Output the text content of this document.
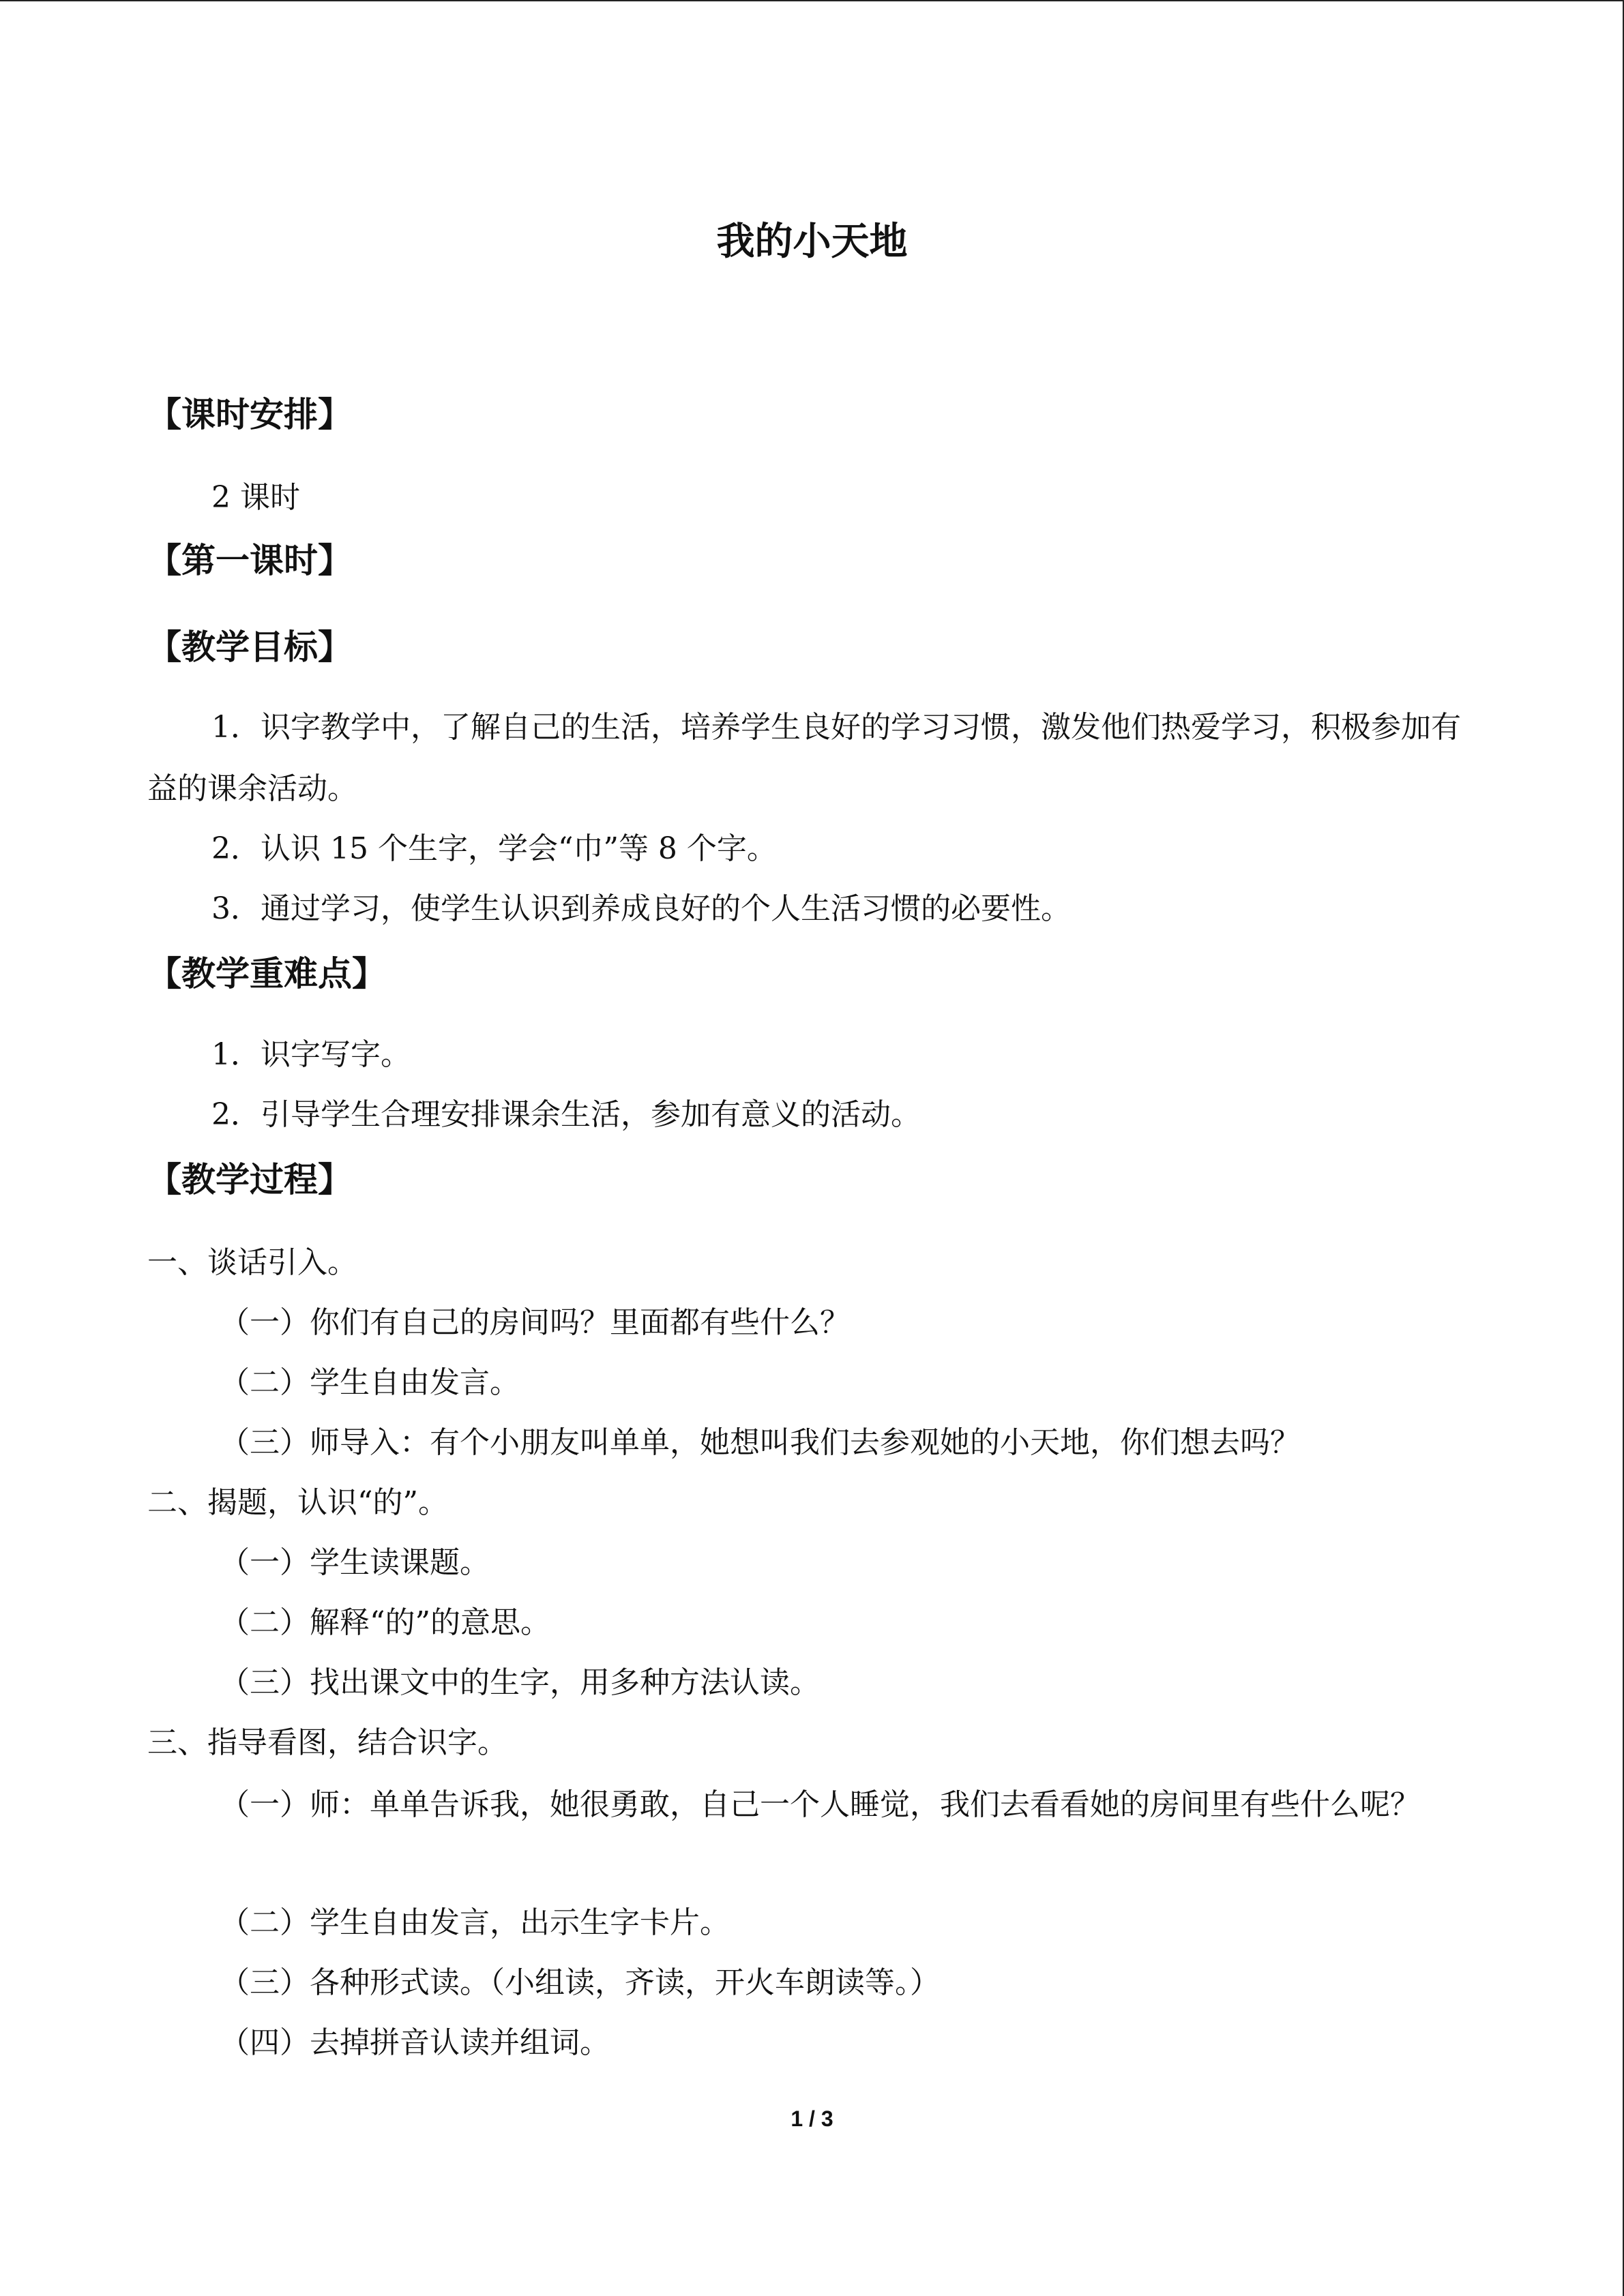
我的小天地
【课时安排】

2 课时

【第一课时】
【教学目标】

1．识字教学中，了解自己的生活，培养学生良好的学习习惯，激发他们热爱学习，积极参加有益的课余活动。

2．认识 15 个生字，学会“巾”等 8 个字。

3．通过学习，使学生认识到养成良好的个人生活习惯的必要性。

【教学重难点】

1．识字写字。

2．引导学生合理安排课余生活，参加有意义的活动。

【教学过程】

一、谈话引入。

（一）你们有自己的房间吗？里面都有些什么？

（二）学生自由发言。

（三）师导入：有个小朋友叫单单，她想叫我们去参观她的小天地，你们想去吗？

二、揭题，认识“的”。

（一）学生读课题。

（二）解释“的”的意思。

（三）找出课文中的生字，用多种方法认读。

三、指导看图，结合识字。

（一）师：单单告诉我，她很勇敢，自己一个人睡觉，我们去看看她的房间里有些什么呢？

（二）学生自由发言，出示生字卡片。

（三）各种形式读。（小组读，齐读，开火车朗读等。）

（四）去掉拼音认读并组词。

1 / 3
